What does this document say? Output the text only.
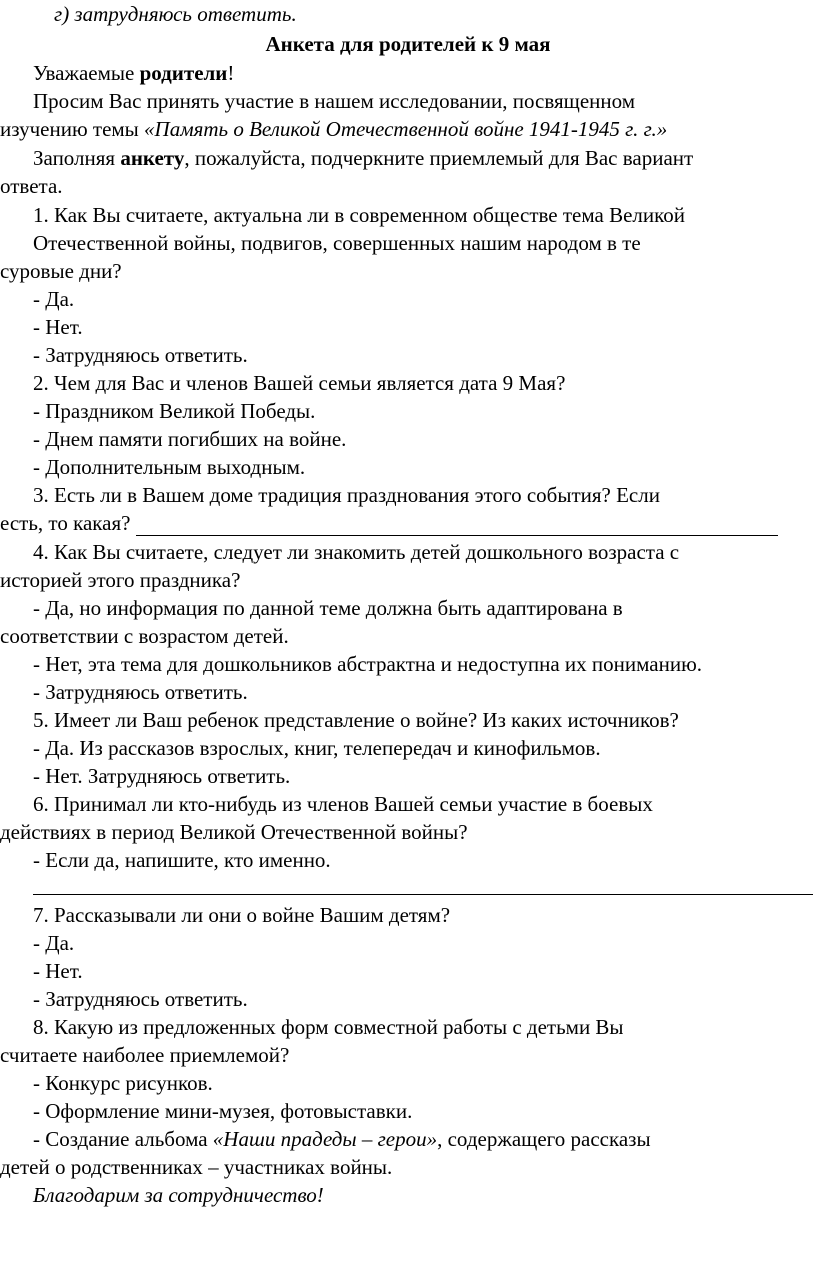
г) затрудняюсь ответить.
Анкета для родителей к 9 мая
Уважаемые родители!
Просим Вас принять участие в нашем исследовании, посвященном
изучению темы «Память о Великой Отечественной войне 1941-1945 г. г.»
Заполняя анкету, пожалуйста, подчеркните приемлемый для Вас вариант
ответа.
1. Как Вы считаете, актуальна ли в современном обществе тема Великой
Отечественной войны, подвигов, совершенных нашим народом в те
суровые дни?
- Да.
- Нет.
- Затрудняюсь ответить.
2. Чем для Вас и членов Вашей семьи является дата 9 Мая?
- Праздником Великой Победы.
- Днем памяти погибших на войне.
- Дополнительным выходным.
3. Есть ли в Вашем доме традиция празднования этого события? Если
есть, то какая?
4. Как Вы считаете, следует ли знакомить детей дошкольного возраста с
историей этого праздника?
- Да, но информация по данной теме должна быть адаптирована в
соответствии с возрастом детей.
- Нет, эта тема для дошкольников абстрактна и недоступна их пониманию.
- Затрудняюсь ответить.
5. Имеет ли Ваш ребенок представление о войне? Из каких источников?
- Да. Из рассказов взрослых, книг, телепередач и кинофильмов.
- Нет. Затрудняюсь ответить.
6. Принимал ли кто-нибудь из членов Вашей семьи участие в боевых
действиях в период Великой Отечественной войны?
- Если да, напишите, кто именно.
7. Рассказывали ли они о войне Вашим детям?
- Да.
- Нет.
- Затрудняюсь ответить.
8. Какую из предложенных форм совместной работы с детьми Вы
считаете наиболее приемлемой?
- Конкурс рисунков.
- Оформление мини-музея, фотовыставки.
- Создание альбома «Наши прадеды – герои», содержащего рассказы
детей о родственниках – участниках войны.
Благодарим за сотрудничество!
